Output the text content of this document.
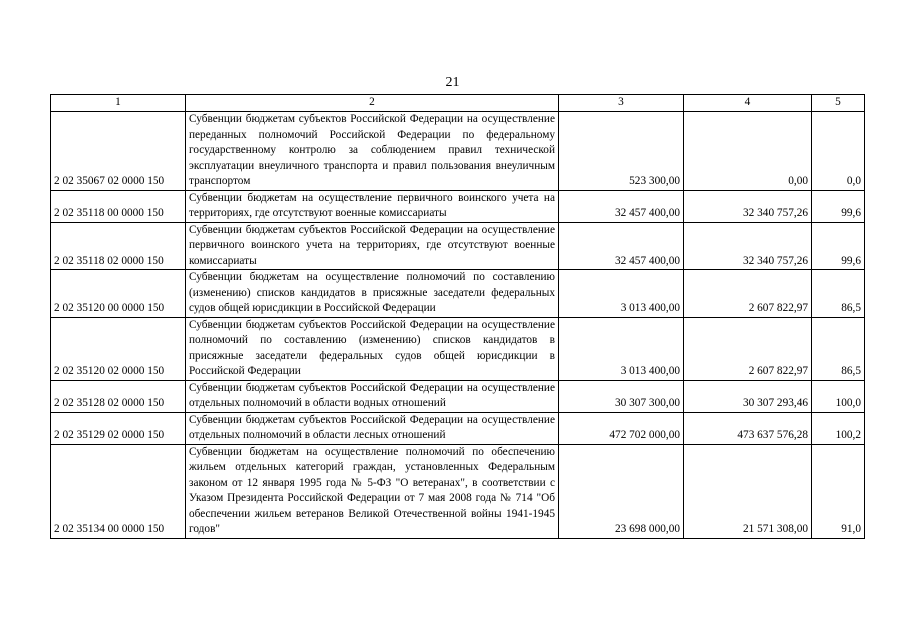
21
1	2	3	4	5
2 02 35067 02 0000 150	Субвенции бюджетам субъектов Российской Федерации на осуществление переданных полномочий Российской Федерации по федеральному государственному контролю за соблюдением правил технической эксплуатации внеуличного транспорта и правил пользования внеуличным транспортом	523 300,00	0,00	0,0
2 02 35118 00 0000 150	Субвенции бюджетам на осуществление первичного воинского учета на территориях, где отсутствуют военные комиссариаты	32 457 400,00	32 340 757,26	99,6
2 02 35118 02 0000 150	Субвенции бюджетам субъектов Российской Федерации на осуществление первичного воинского учета на территориях, где отсутствуют военные комиссариаты	32 457 400,00	32 340 757,26	99,6
2 02 35120 00 0000 150	Субвенции бюджетам на осуществление полномочий по составлению (изменению) списков кандидатов в присяжные заседатели федеральных судов общей юрисдикции в Российской Федерации	3 013 400,00	2 607 822,97	86,5
2 02 35120 02 0000 150	Субвенции бюджетам субъектов Российской Федерации на осуществление полномочий по составлению (изменению) списков кандидатов в присяжные заседатели федеральных судов общей юрисдикции в Российской Федерации	3 013 400,00	2 607 822,97	86,5
2 02 35128 02 0000 150	Субвенции бюджетам субъектов Российской Федерации на осуществление отдельных полномочий в области водных отношений	30 307 300,00	30 307 293,46	100,0
2 02 35129 02 0000 150	Субвенции бюджетам субъектов Российской Федерации на осуществление отдельных полномочий в области лесных отношений	472 702 000,00	473 637 576,28	100,2
2 02 35134 00 0000 150	Субвенции бюджетам на осуществление полномочий по обеспечению жильем отдельных категорий граждан, установленных Федеральным законом от 12 января 1995 года № 5-ФЗ "О ветеранах", в соответствии с Указом Президента Российской Федерации от 7 мая 2008 года № 714 "Об обеспечении жильем ветеранов Великой Отечественной войны 1941-1945 годов"	23 698 000,00	21 571 308,00	91,0
